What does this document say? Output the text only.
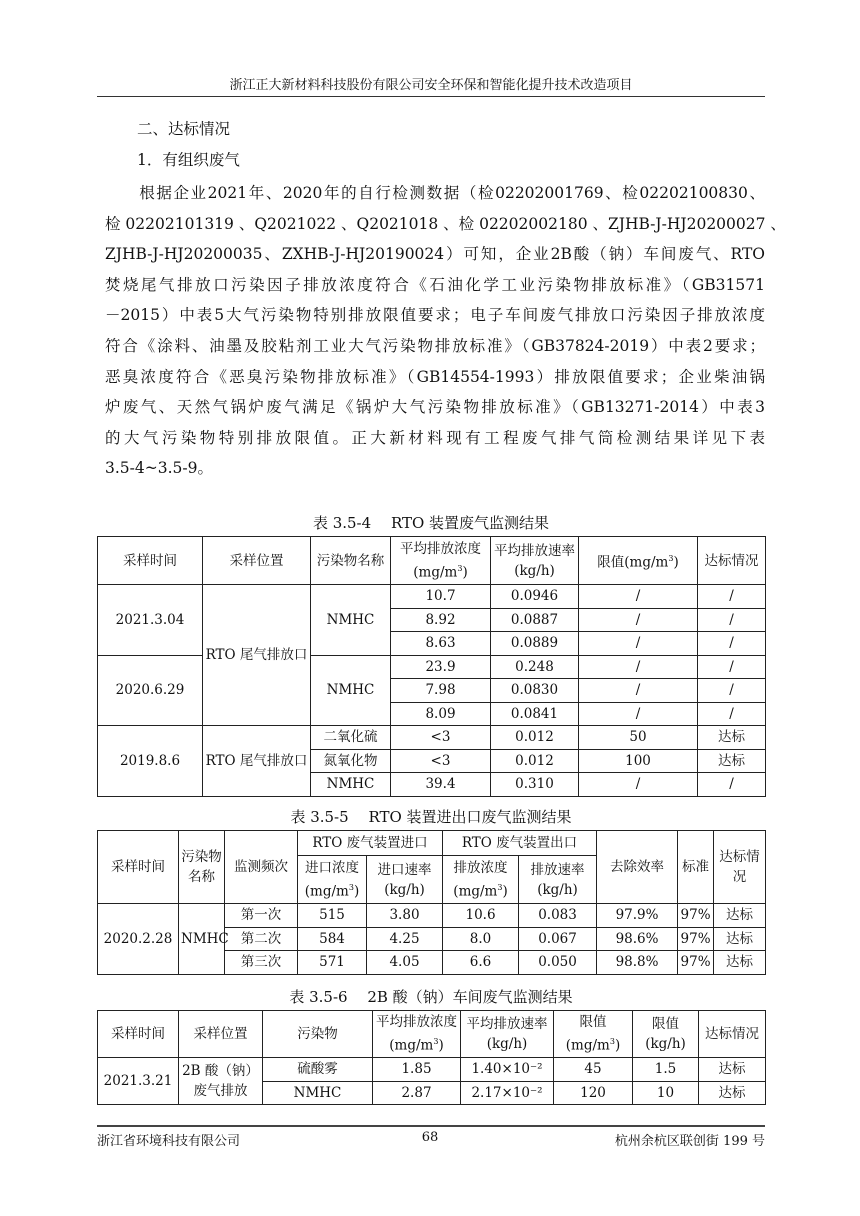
浙江正大新材料科技股份有限公司安全环保和智能化提升技术改造项目
二、达标情况
1．有组织废气
表 3.5-4　 RTO 装置废气监测结果
采样时间	采样位置	污染物名称	平均排放浓度$(mg/m^3)$	平均排放速率(kg/h)	限值$(mg/m^3)$	达标情况
2021.3.04	RTO 尾气排放口	NMHC	10.7	0.0946	/	/
			8.92	0.0887	/	/
			8.63	0.0889	/	/
2020.6.29		NMHC	23.9	0.248	/	/
			7.98	0.0830	/	/
			8.09	0.0841	/	/
2019.8.6	RTO 尾气排放口	二氧化硫	<3	0.012	50	达标
		氮氧化物	<3	0.012	100	达标
		NMHC	39.4	0.310	/	/
表 3.5-5　 RTO 装置进出口废气监测结果
采样时间	污染物名称	监测频次	RTO 废气装置进口		RTO 废气装置出口		去除效率	标准	达标情况
			进口浓度$(mg/m^3)$	进口速率(kg/h)	排放浓度$(mg/m^3)$	排放速率(kg/h)			
2020.2.28	NMHC	第一次	515	3.80	10.6	0.083	97.9%	97%	达标
		第二次	584	4.25	8.0	0.067	98.6%	97%	达标
		第三次	571	4.05	6.6	0.050	98.8%	97%	达标
表 3.5-6　 2B 酸（钠）车间废气监测结果
采样时间	采样位置	污染物	平均排放浓度$(mg/m^3)$	平均排放速率(kg/h)	限值$(mg/m^3)$	限值(kg/h)	达标情况
2021.3.21	2B 酸（钠）废气排放	硫酸雾	1.85	1.40×10⁻²	45	1.5	达标
		NMHC	2.87	2.17×10⁻²	120	10	达标
浙江省环境科技有限公司	68	杭州余杭区联创街 199 号
　　根据企业2021年、2020年的自行检测数据（检02202001769、检02202100830、
检 02202101319 、Q2021022 、Q2021018 、检 02202002180 、ZJHB-J-HJ20200027 、
ZJHB-J-HJ20200035、ZXHB-J-HJ20190024）可知，企业2B酸（钠）车间废气、RTO
焚烧尾气排放口污染因子排放浓度符合《石油化学工业污染物排放标准》（GB31571
－2015）中表5大气污染物特别排放限值要求；电子车间废气排放口污染因子排放浓度
符合《涂料、油墨及胶粘剂工业大气污染物排放标准》（GB37824-2019）中表2要求；
恶臭浓度符合《恶臭污染物排放标准》（GB14554-1993）排放限值要求；企业柴油锅
炉废气、天然气锅炉废气满足《锅炉大气污染物排放标准》（GB13271-2014）中表3
的大气污染物特别排放限值。正大新材料现有工程废气排气筒检测结果详见下表
3.5-4~3.5-9。
